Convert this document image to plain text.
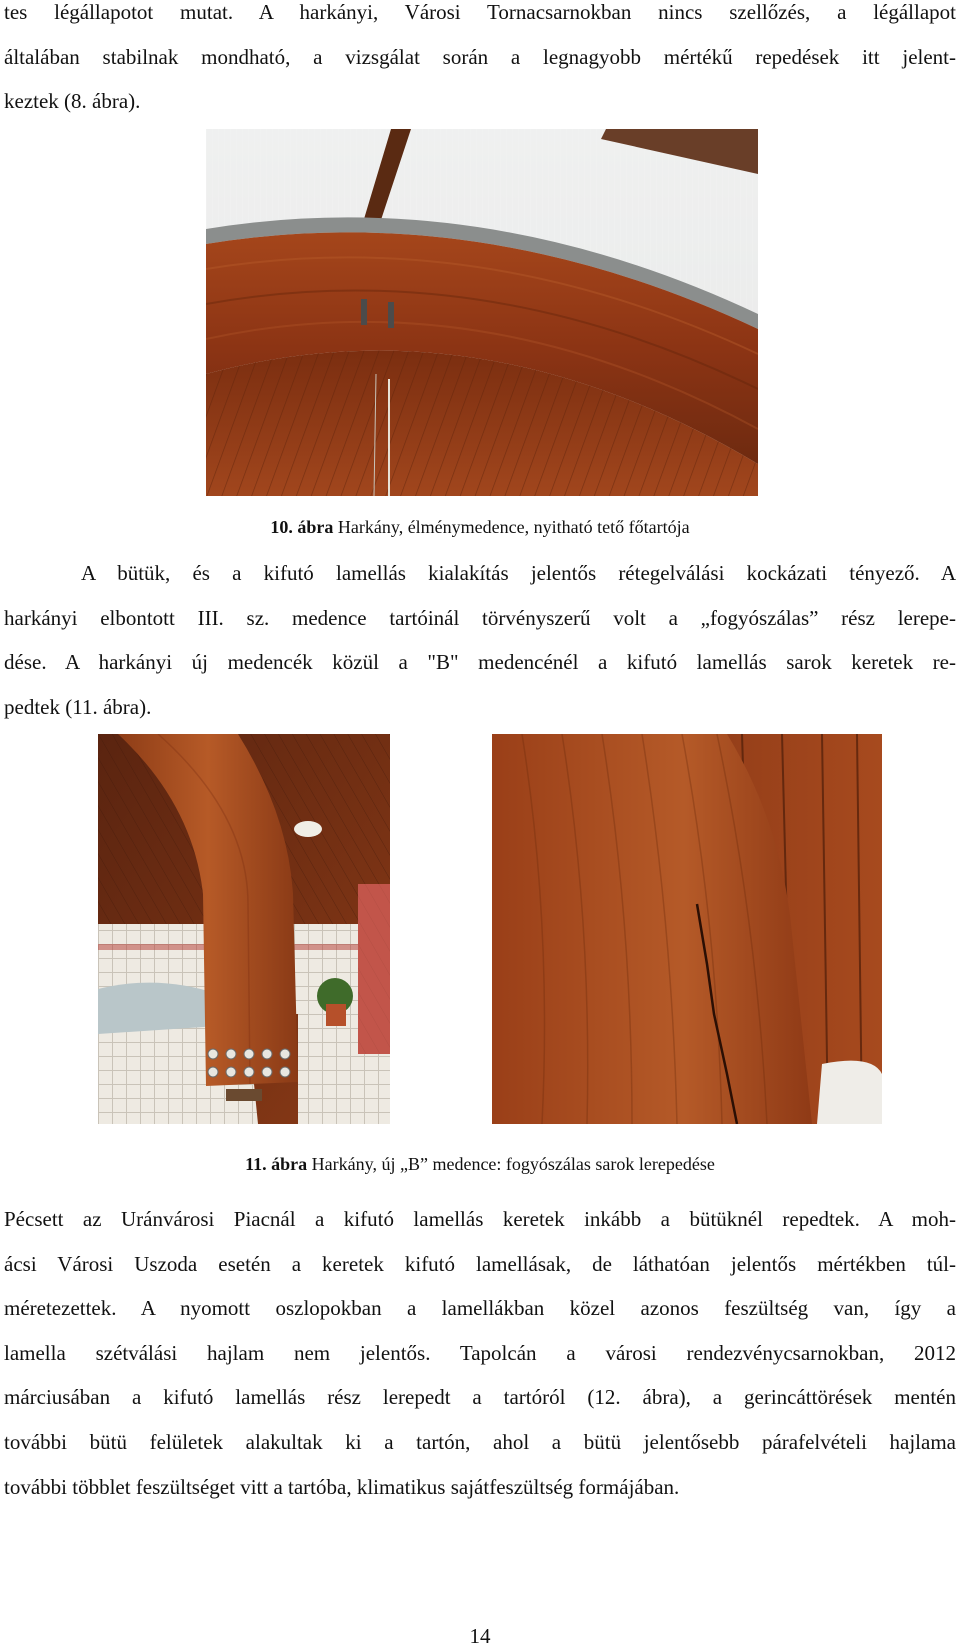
tes légállapotot mutat. A harkányi, Városi Tornacsarnokban nincs szellőzés, a légállapot
általában stabilnak mondható, a vizsgálat során a legnagyobb mértékű repedések itt jelent-
keztek (8. ábra).
10. ábra Harkány, élménymedence, nyitható tető főtartója
A bütük, és a kifutó lamellás kialakítás jelentős rétegelválási kockázati tényező. A
harkányi elbontott III. sz. medence tartóinál törvényszerű volt a „fogyószálas” rész lerepe-
dése. A harkányi új medencék közül a "B" medencénél a kifutó lamellás sarok keretek re-
pedtek (11. ábra).
11. ábra Harkány, új „B” medence: fogyószálas sarok lerepedése
Pécsett az Uránvárosi Piacnál a kifutó lamellás keretek inkább a bütüknél repedtek. A moh-
ácsi Városi Uszoda esetén a keretek kifutó lamellásak, de láthatóan jelentős mértékben túl-
méretezettek. A nyomott oszlopokban a lamellákban közel azonos feszültség van, így a
lamella szétválási hajlam nem jelentős. Tapolcán a városi rendezvénycsarnokban, 2012
márciusában a kifutó lamellás rész lerepedt a tartóról (12. ábra), a gerincáttörések mentén
további bütü felületek alakultak ki a tartón, ahol a bütü jelentősebb párafelvételi hajlama
további többlet feszültséget vitt a tartóba, klimatikus sajátfeszültség formájában.
14
